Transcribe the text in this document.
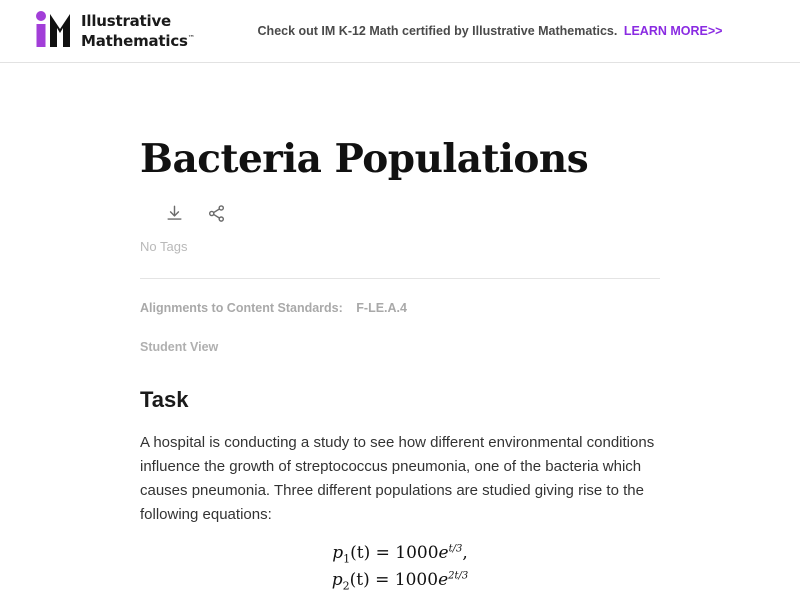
Illustrative
Mathematics™	Check out IM K-12 Math certified by Illustrative Mathematics. LEARN MORE>>
Bacteria Populations
No Tags
Alignments to Content Standards: F-LE.A.4
Student View
Task

A hospital is conducting a study to see how different environmental conditions influence the growth of streptococcus pneumonia, one of the bacteria which causes pneumonia. Three different populations are studied giving rise to the following equations:

$p_1(t) = 1000e^{t/3}$,
$p_2(t) = 1000e^{2t/3}$
